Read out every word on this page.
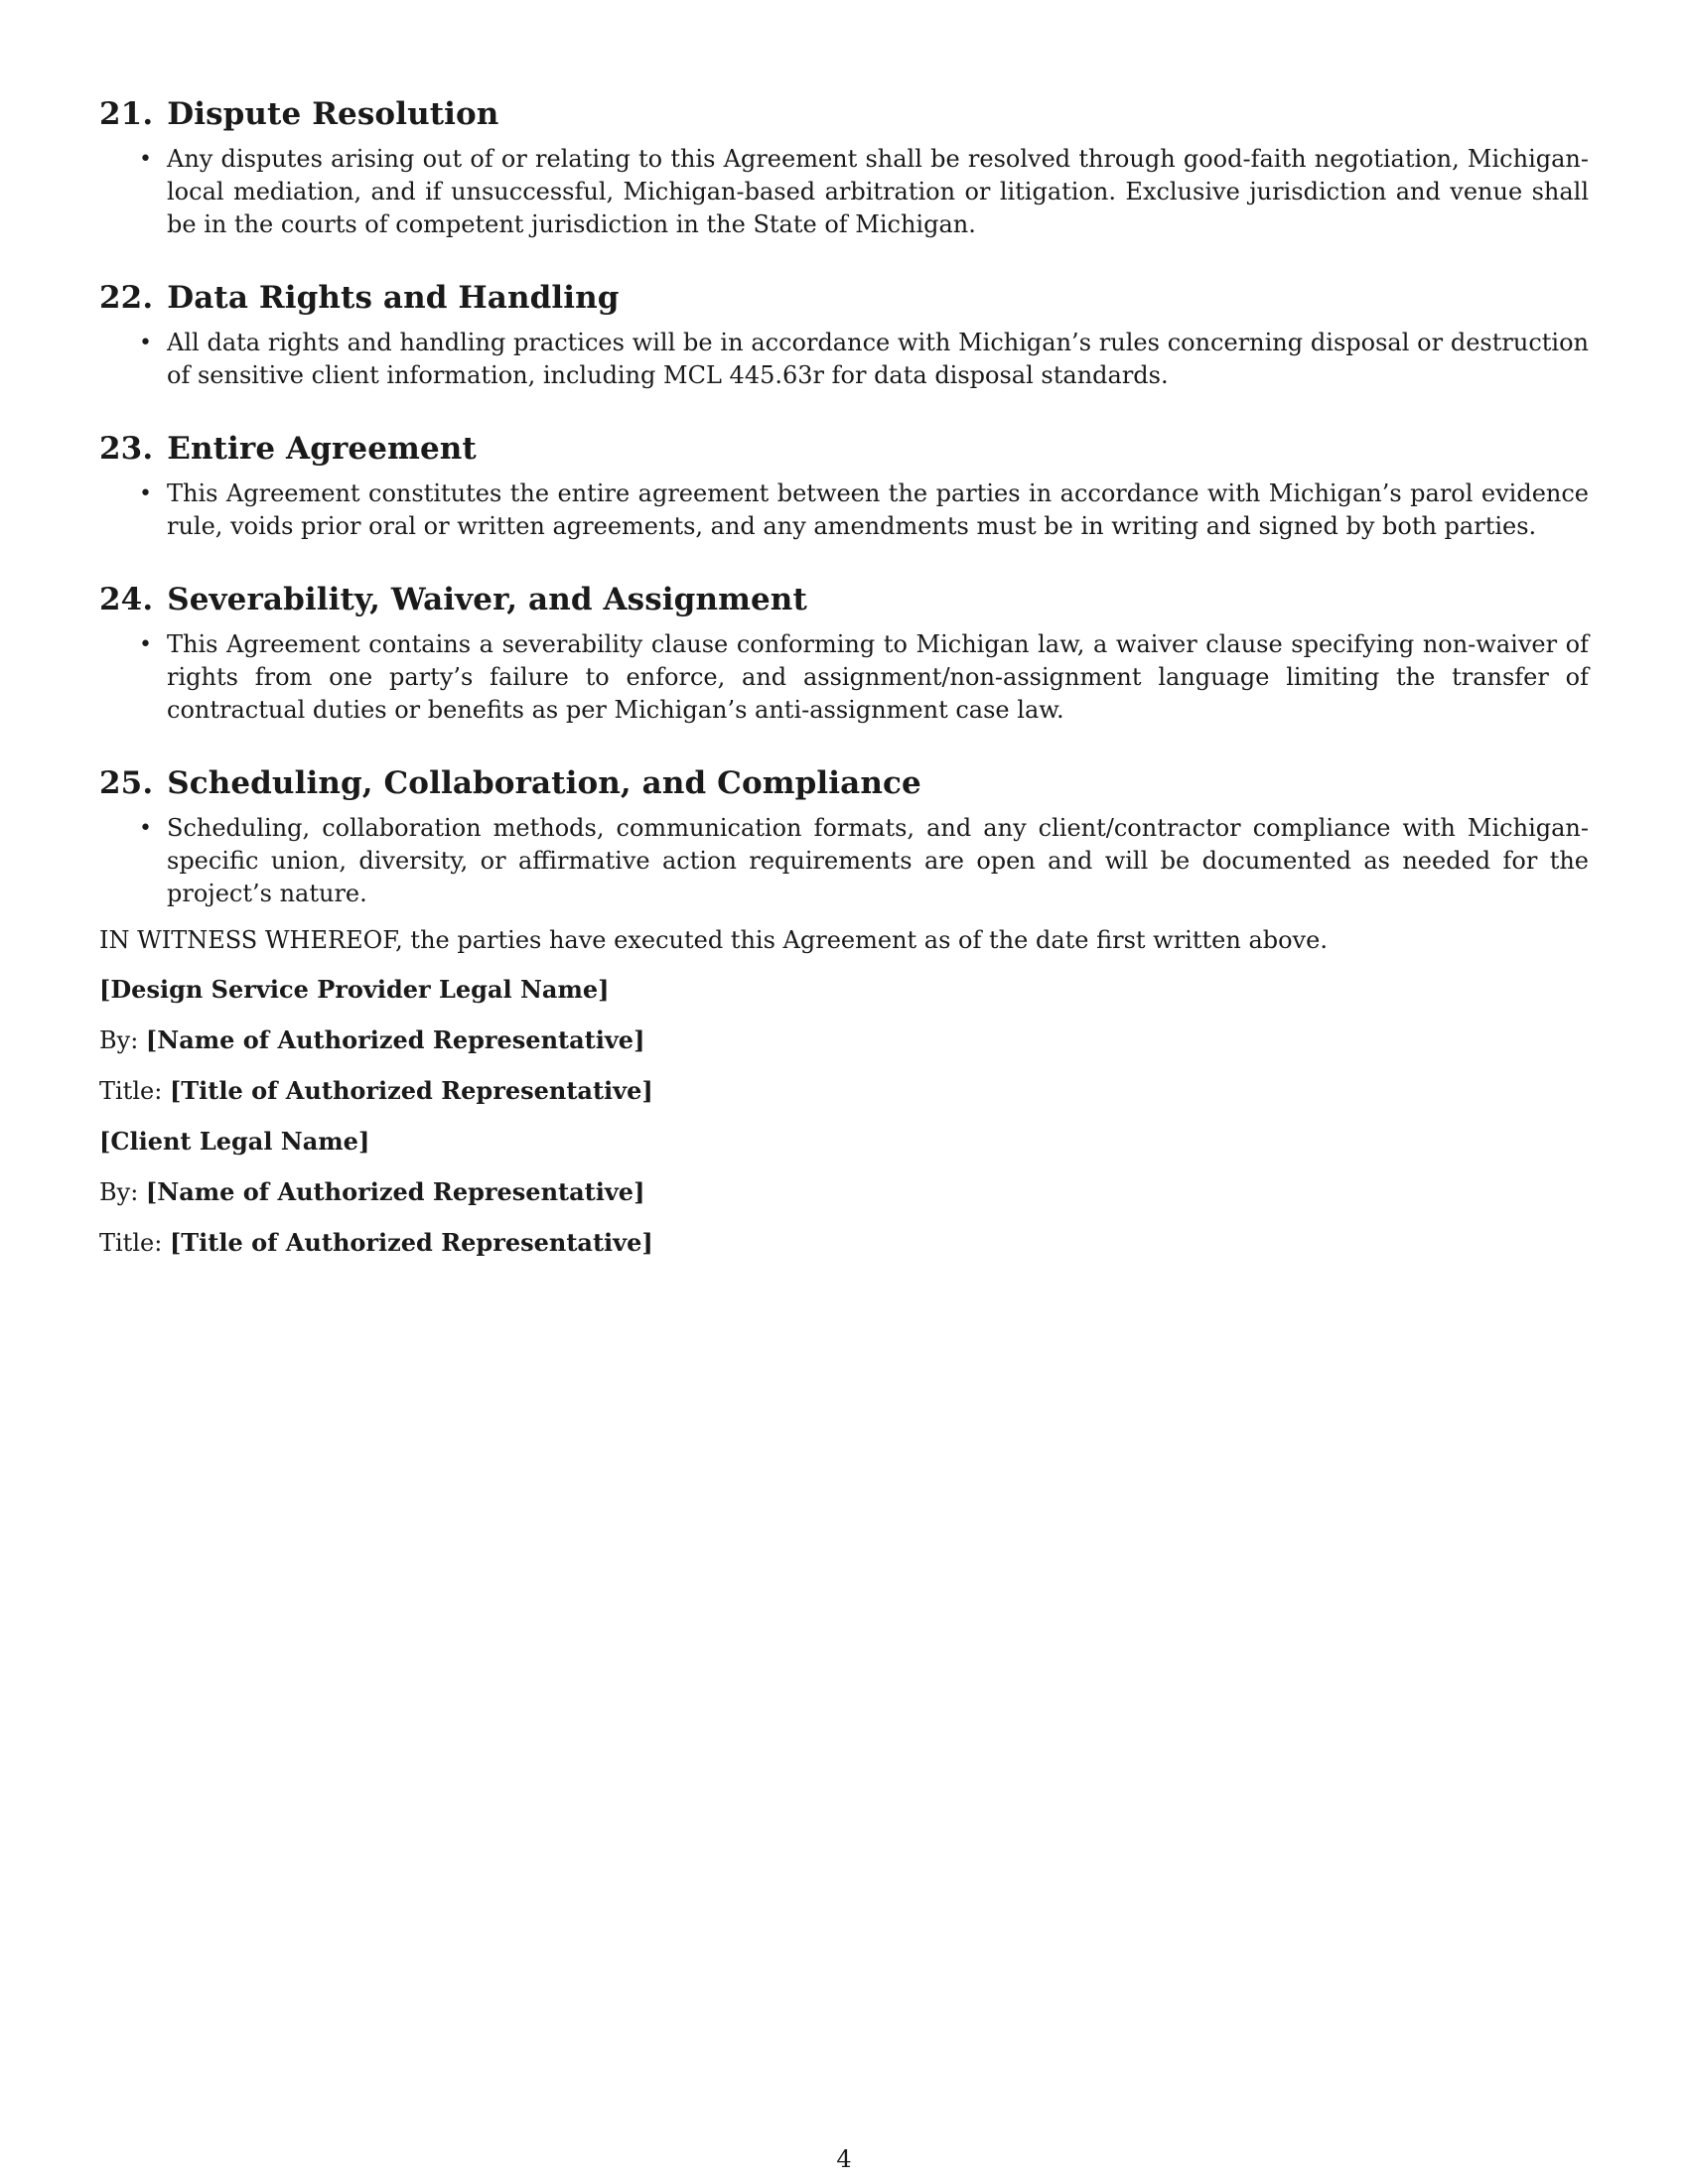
21. Dispute Resolution
• Any disputes arising out of or relating to this Agreement shall be resolved through good-faith negotiation, Michigan-local mediation, and if unsuccessful, Michigan-based arbitration or litigation. Exclusive jurisdiction and venue shall be in the courts of competent jurisdiction in the State of Michigan.
22. Data Rights and Handling
• All data rights and handling practices will be in accordance with Michigan’s rules concerning disposal or destruction of sensitive client information, including MCL 445.63r for data disposal standards.
23. Entire Agreement
• This Agreement constitutes the entire agreement between the parties in accordance with Michigan’s parol evidence rule, voids prior oral or written agreements, and any amendments must be in writing and signed by both parties.
24. Severability, Waiver, and Assignment
• This Agreement contains a severability clause conforming to Michigan law, a waiver clause specifying non-waiver of rights from one party’s failure to enforce, and assignment/non-assignment language limiting the transfer of contractual duties or benefits as per Michigan’s anti-assignment case law.
25. Scheduling, Collaboration, and Compliance
• Scheduling, collaboration methods, communication formats, and any client/contractor compliance with Michigan-specific union, diversity, or affirmative action requirements are open and will be documented as needed for the project’s nature.

IN WITNESS WHEREOF, the parties have executed this Agreement as of the date first written above.

[Design Service Provider Legal Name]

By: [Name of Authorized Representative]

Title: [Title of Authorized Representative]

[Client Legal Name]

By: [Name of Authorized Representative]

Title: [Title of Authorized Representative]

4
